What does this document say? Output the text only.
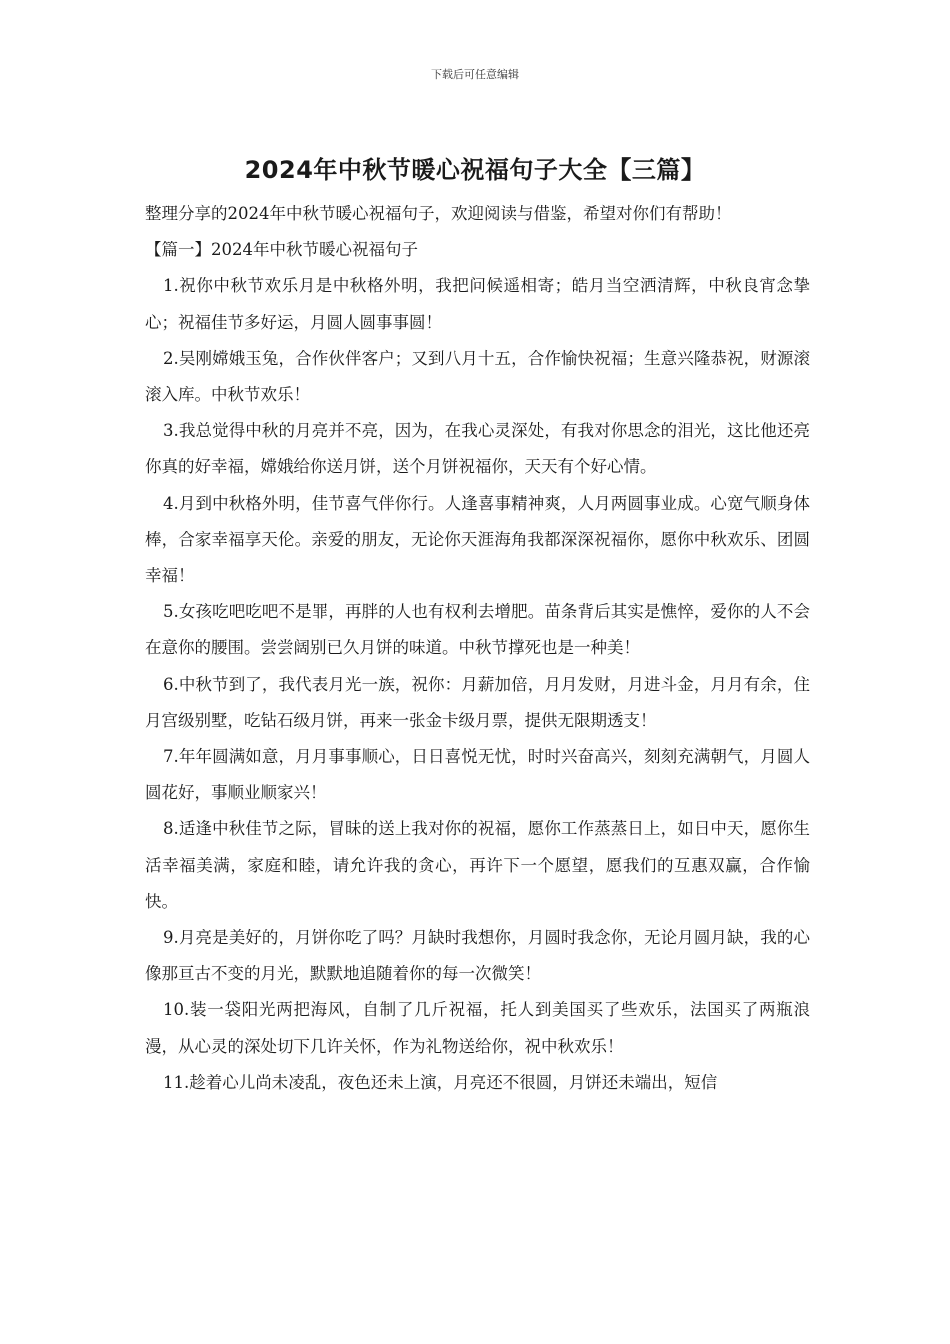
下载后可任意编辑
2024年中秋节暖心祝福句子大全【三篇】

整理分享的2024年中秋节暖心祝福句子，欢迎阅读与借鉴，希望对你们有帮助！

【篇一】2024年中秋节暖心祝福句子

1.祝你中秋节欢乐月是中秋格外明，我把问候遥相寄；皓月当空洒清辉，中秋良宵念挚心；祝福佳节多好运，月圆人圆事事圆！

2.吴刚嫦娥玉兔，合作伙伴客户；又到八月十五，合作愉快祝福；生意兴隆恭祝，财源滚滚入库。中秋节欢乐！

3.我总觉得中秋的月亮并不亮，因为，在我心灵深处，有我对你思念的泪光，这比他还亮你真的好幸福，嫦娥给你送月饼，送个月饼祝福你，天天有个好心情。

4.月到中秋格外明，佳节喜气伴你行。人逢喜事精神爽，人月两圆事业成。心宽气顺身体棒，合家幸福享天伦。亲爱的朋友，无论你天涯海角我都深深祝福你，愿你中秋欢乐、团圆幸福！

5.女孩吃吧吃吧不是罪，再胖的人也有权利去增肥。苗条背后其实是憔悴，爱你的人不会在意你的腰围。尝尝阔别已久月饼的味道。中秋节撑死也是一种美！

6.中秋节到了，我代表月光一族，祝你：月薪加倍，月月发财，月进斗金，月月有余，住月宫级别墅，吃钻石级月饼，再来一张金卡级月票，提供无限期透支！

7.年年圆满如意，月月事事顺心，日日喜悦无忧，时时兴奋高兴，刻刻充满朝气，月圆人圆花好，事顺业顺家兴！

8.适逢中秋佳节之际，冒昧的送上我对你的祝福，愿你工作蒸蒸日上，如日中天，愿你生活幸福美满，家庭和睦，请允许我的贪心，再许下一个愿望，愿我们的互惠双赢，合作愉快。

9.月亮是美好的，月饼你吃了吗？月缺时我想你，月圆时我念你，无论月圆月缺，我的心像那亘古不变的月光，默默地追随着你的每一次微笑！

10.装一袋阳光两把海风，自制了几斤祝福，托人到美国买了些欢乐，法国买了两瓶浪漫，从心灵的深处切下几许关怀，作为礼物送给你，祝中秋欢乐！

11.趁着心儿尚未凌乱，夜色还未上演，月亮还不很圆，月饼还未端出，短信
